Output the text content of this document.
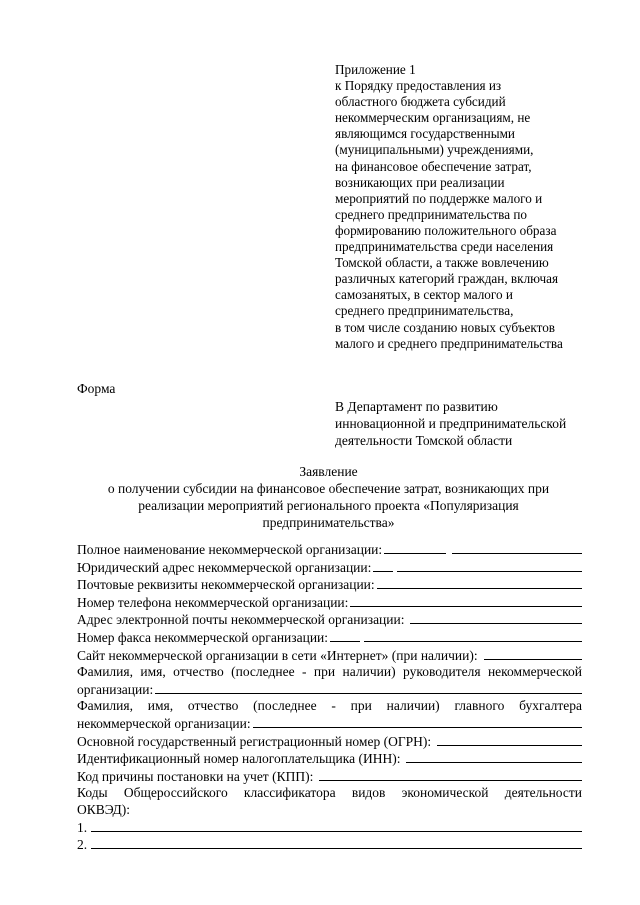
Приложение 1
к Порядку предоставления из
областного бюджета субсидий
некоммерческим организациям, не
являющимся государственными
(муниципальными) учреждениями,
на финансовое обеспечение затрат,
возникающих при реализации
мероприятий по поддержке малого и
среднего предпринимательства по
формированию положительного образа
предпринимательства среди населения
Томской области, а также вовлечению
различных категорий граждан, включая
самозанятых, в сектор малого и
среднего предпринимательства,
в том числе созданию новых субъектов
малого и среднего предпринимательства
Форма
В Департамент по развитию
инновационной и предпринимательской
деятельности Томской области
Заявление
о получении субсидии на финансовое обеспечение затрат, возникающих при
реализации мероприятий регионального проекта «Популяризация
предпринимательства»
Полное наименование некоммерческой организации:
Юридический адрес некоммерческой организации:
Почтовые реквизиты некоммерческой организации:
Номер телефона некоммерческой организации:
Адрес электронной почты некоммерческой организации:
Номер факса некоммерческой организации:
Сайт некоммерческой организации в сети «Интернет» (при наличии):
Фамилия, имя, отчество (последнее - при наличии) руководителя некоммерческой
организации:
Фамилия, имя, отчество (последнее - при наличии) главного бухгалтера
некоммерческой организации:
Основной государственный регистрационный номер (ОГРН):
Идентификационный номер налогоплательщика (ИНН):
Код причины постановки на учет (КПП):
Коды Общероссийского классификатора видов экономической деятельности
ОКВЭД):
1.
2.
